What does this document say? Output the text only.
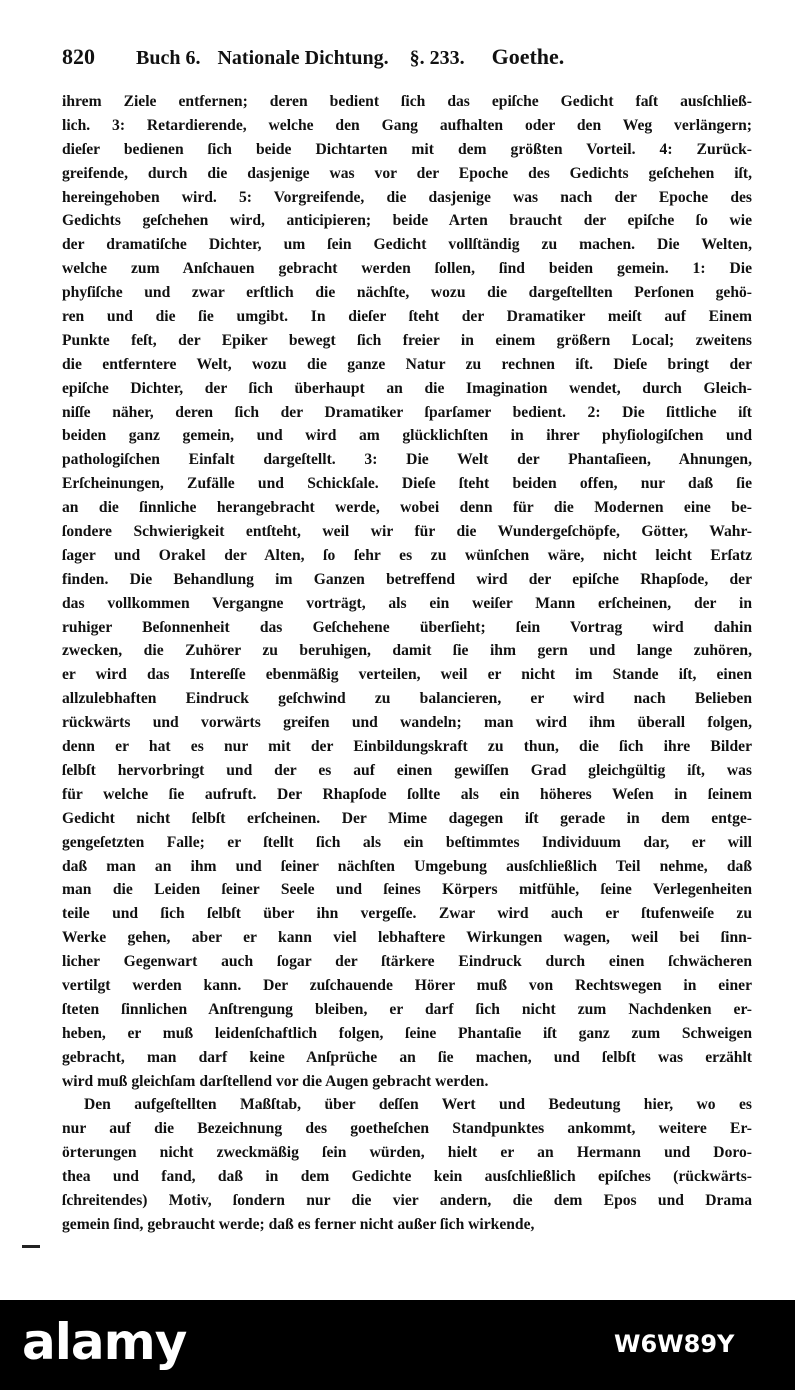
820 Buch 6. Nationale Dichtung. §. 233. Goethe.
ihrem Ziele entfernen; deren bedient ſich das epiſche Gedicht faſt ausſchließ-
lich. 3: Retardierende, welche den Gang aufhalten oder den Weg verlängern;
dieſer bedienen ſich beide Dichtarten mit dem größten Vorteil. 4: Zurück-
greifende, durch die dasjenige was vor der Epoche des Gedichts geſchehen iſt,
hereingehoben wird. 5: Vorgreifende, die dasjenige was nach der Epoche des
Gedichts geſchehen wird, anticipieren; beide Arten braucht der epiſche ſo wie
der dramatiſche Dichter, um ſein Gedicht vollſtändig zu machen. Die Welten,
welche zum Anſchauen gebracht werden ſollen, ſind beiden gemein. 1: Die
phyſiſche und zwar erſtlich die nächſte, wozu die dargeſtellten Perſonen gehö-
ren und die ſie umgibt. In dieſer ſteht der Dramatiker meiſt auf Einem
Punkte feſt, der Epiker bewegt ſich freier in einem größern Local; zweitens
die entferntere Welt, wozu die ganze Natur zu rechnen iſt. Dieſe bringt der
epiſche Dichter, der ſich überhaupt an die Imagination wendet, durch Gleich-
niſſe näher, deren ſich der Dramatiker ſparſamer bedient. 2: Die ſittliche iſt
beiden ganz gemein, und wird am glücklichſten in ihrer phyſiologiſchen und
pathologiſchen Einfalt dargeſtellt. 3: Die Welt der Phantaſieen, Ahnungen,
Erſcheinungen, Zufälle und Schickſale. Dieſe ſteht beiden offen, nur daß ſie
an die ſinnliche herangebracht werde, wobei denn für die Modernen eine be-
ſondere Schwierigkeit entſteht, weil wir für die Wundergeſchöpfe, Götter, Wahr-
ſager und Orakel der Alten, ſo ſehr es zu wünſchen wäre, nicht leicht Erſatz
finden. Die Behandlung im Ganzen betreffend wird der epiſche Rhapſode, der
das vollkommen Vergangne vorträgt, als ein weiſer Mann erſcheinen, der in
ruhiger Beſonnenheit das Geſchehene überſieht; ſein Vortrag wird dahin
zwecken, die Zuhörer zu beruhigen, damit ſie ihm gern und lange zuhören,
er wird das Intereſſe ebenmäßig verteilen, weil er nicht im Stande iſt, einen
allzulebhaften Eindruck geſchwind zu balancieren, er wird nach Belieben
rückwärts und vorwärts greifen und wandeln; man wird ihm überall folgen,
denn er hat es nur mit der Einbildungskraft zu thun, die ſich ihre Bilder
ſelbſt hervorbringt und der es auf einen gewiſſen Grad gleichgültig iſt, was
für welche ſie aufruft. Der Rhapſode ſollte als ein höheres Weſen in ſeinem
Gedicht nicht ſelbſt erſcheinen. Der Mime dagegen iſt gerade in dem entge-
gengeſetzten Falle; er ſtellt ſich als ein beſtimmtes Individuum dar, er will
daß man an ihm und ſeiner nächſten Umgebung ausſchließlich Teil nehme, daß
man die Leiden ſeiner Seele und ſeines Körpers mitfühle, ſeine Verlegenheiten
teile und ſich ſelbſt über ihn vergeſſe. Zwar wird auch er ſtufenweiſe zu
Werke gehen, aber er kann viel lebhaftere Wirkungen wagen, weil bei ſinn-
licher Gegenwart auch ſogar der ſtärkere Eindruck durch einen ſchwächeren
vertilgt werden kann. Der zuſchauende Hörer muß von Rechtswegen in einer
ſteten ſinnlichen Anſtrengung bleiben, er darf ſich nicht zum Nachdenken er-
heben, er muß leidenſchaftlich folgen, ſeine Phantaſie iſt ganz zum Schweigen
gebracht, man darf keine Anſprüche an ſie machen, und ſelbſt was erzählt
wird muß gleichſam darſtellend vor die Augen gebracht werden.
Den aufgeſtellten Maßſtab, über deſſen Wert und Bedeutung hier, wo es
nur auf die Bezeichnung des goetheſchen Standpunktes ankommt, weitere Er-
örterungen nicht zweckmäßig ſein würden, hielt er an Hermann und Doro-
thea und fand, daß in dem Gedichte kein ausſchließlich epiſches (rückwärts-
ſchreitendes) Motiv, ſondern nur die vier andern, die dem Epos und Drama
gemein ſind, gebraucht werde; daß es ferner nicht außer ſich wirkende,
alamy	W6W89Y
